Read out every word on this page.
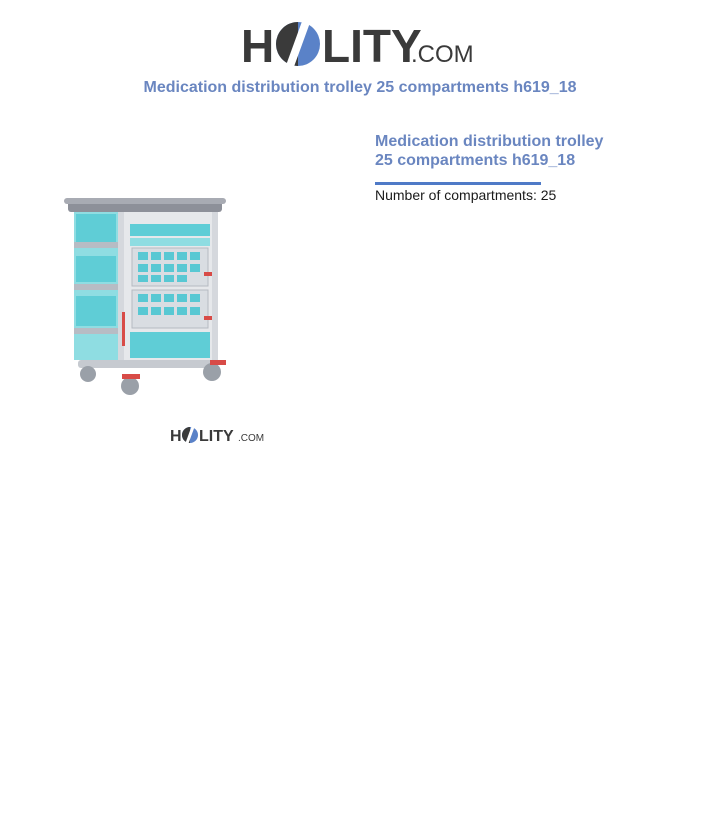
H LITY
.COM
Medication distribution trolley 25 compartments h619_18
H LITY .COM
Medication distribution trolley
25 compartments h619_18
Number of compartments: 25
